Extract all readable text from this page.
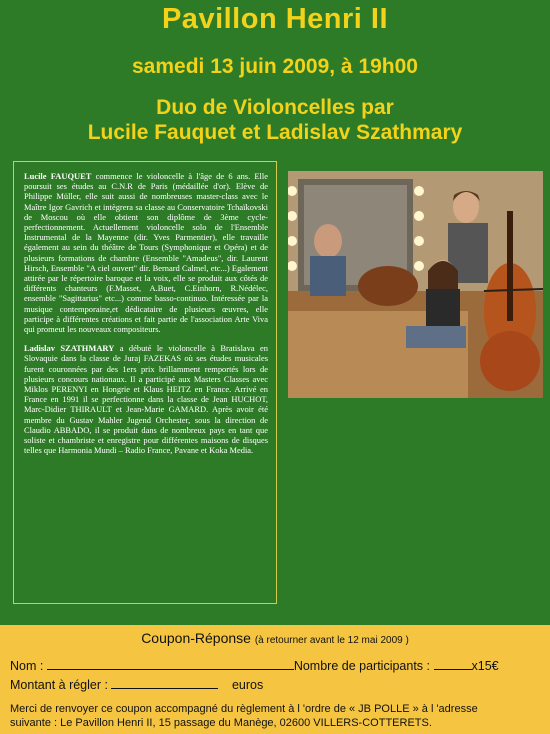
Pavillon Henri II
samedi 13 juin 2009, à 19h00
Duo de Violoncelles par
Lucile Fauquet et Ladislav Szathmary

Lucile FAUQUET commence le violoncelle à l'âge de 6 ans. Elle poursuit ses études au C.N.R de Paris (médaillée d'or). Elève de Philippe Müller, elle suit aussi de nombreuses master-class avec le Maître Igor Gavrich et intègrera sa classe au Conservatoire Tchaïkovski de Moscou où elle obtient son diplôme de 3ème cycle-perfectionnement. Actuellement violoncelle solo de l'Ensemble Instrumental de la Mayenne (dir. Yves Parmentier), elle travaille également au sein du théâtre de Tours (Symphonique et Opéra) et de plusieurs formations de chambre (Ensemble "Amadeus", dir. Laurent Hirsch, Ensemble "A ciel ouvert" dir. Bernard Calmel, etc...) Egalement attirée par le répertoire baroque et la voix, elle se produit aux côtés de différents chanteurs (F.Masset, A.Buet, C.Einhorn, R.Nédélec, ensemble "Sagittarius" etc...) comme basso-continuo. Intéressée par la musique contemporaine,et dédicataire de plusieurs œuvres, elle participe à différentes créations et fait partie de l'association Arte Viva qui promeut les nouveaux compositeurs.

Ladislav SZATHMARY a débuté le violoncelle à Bratislava en Slovaquie dans la classe de Juraj FAZEKAS où ses études musicales furent couronnées par des 1ers prix brillamment remportés lors de plusieurs concours nationaux. Il a participé aux Masters Classes avec Miklos PERENYI en Hongrie et Klaus HEITZ en France. Arrivé en France en 1991 il se perfectionne dans la classe de Jean HUCHOT, Marc-Didier THIRAULT et Jean-Marie GAMARD. Après avoir été membre du Gustav Mahler Jugend Orchester, sous la direction de Claudio ABBADO, il se produit dans de nombreux pays en tant que soliste et chambriste et enregistre pour différentes maisons de disques telles que Harmonia Mundi – Radio France, Pavane et Koka Media.

Coupon-Réponse (à retourner avant le 12 mai 2009 )
Nom :	Nombre de participants :	x15€
Montant à régler :	euros
Merci de renvoyer ce coupon accompagné du règlement à l 'ordre de « JB POLLE » à l 'adresse
suivante : Le Pavillon Henri II, 15 passage du Manège, 02600 VILLERS-COTTERETS.
